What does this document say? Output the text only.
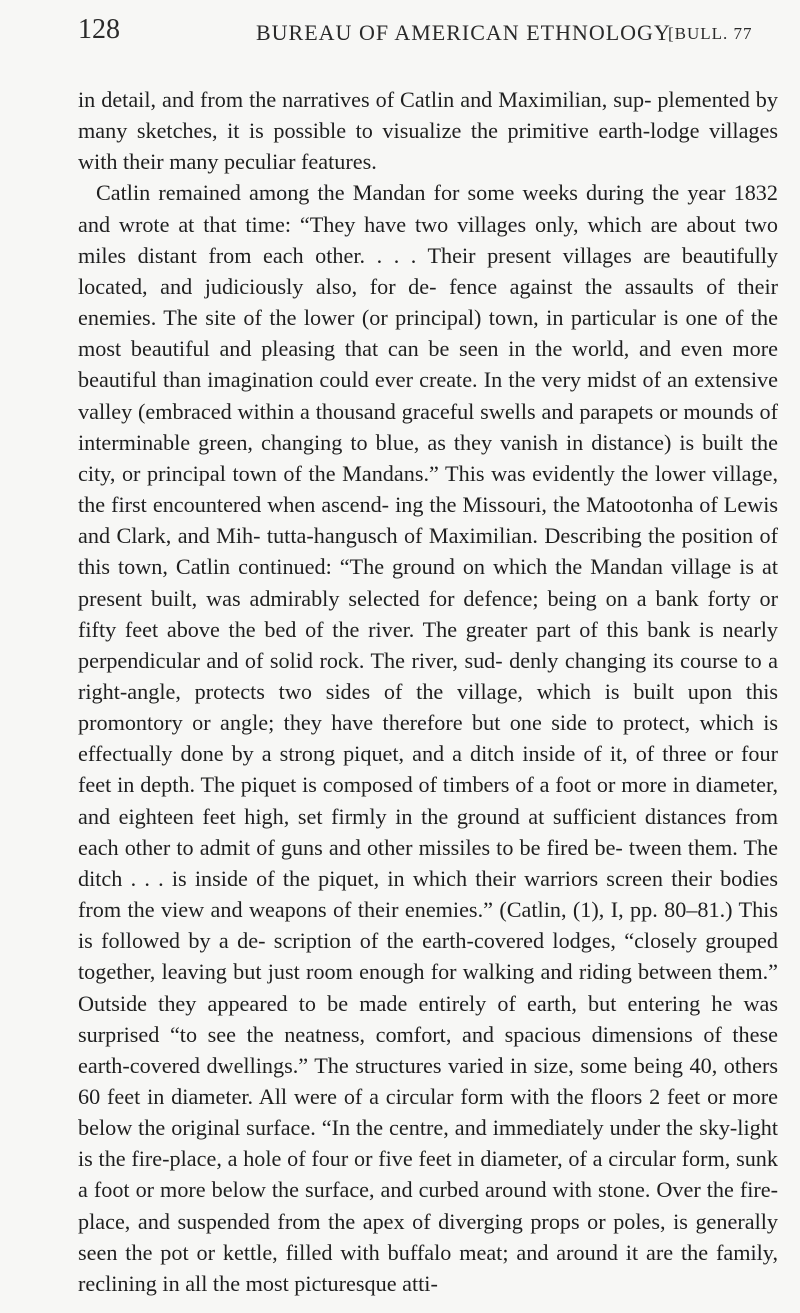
128	BUREAU OF AMERICAN ETHNOLOGY
[BULL. 77

in detail, and from the narratives of Catlin and Maximilian, sup- plemented by many sketches, it is possible to visualize the primitive earth-lodge villages with their many peculiar features.

Catlin remained among the Mandan for some weeks during the year 1832 and wrote at that time: “They have two villages only, which are about two miles distant from each other. . . . Their present villages are beautifully located, and judiciously also, for de- fence against the assaults of their enemies. The site of the lower (or principal) town, in particular is one of the most beautiful and pleasing that can be seen in the world, and even more beautiful than imagination could ever create. In the very midst of an extensive valley (embraced within a thousand graceful swells and parapets or mounds of interminable green, changing to blue, as they vanish in distance) is built the city, or principal town of the Mandans.” This was evidently the lower village, the first encountered when ascend- ing the Missouri, the Matootonha of Lewis and Clark, and Mih- tutta-hangusch of Maximilian. Describing the position of this town, Catlin continued: “The ground on which the Mandan village is at present built, was admirably selected for defence; being on a bank forty or fifty feet above the bed of the river. The greater part of this bank is nearly perpendicular and of solid rock. The river, sud- denly changing its course to a right-angle, protects two sides of the village, which is built upon this promontory or angle; they have therefore but one side to protect, which is effectually done by a strong piquet, and a ditch inside of it, of three or four feet in depth. The piquet is composed of timbers of a foot or more in diameter, and eighteen feet high, set firmly in the ground at sufficient distances from each other to admit of guns and other missiles to be fired be- tween them. The ditch . . . is inside of the piquet, in which their warriors screen their bodies from the view and weapons of their enemies.” (Catlin, (1), I, pp. 80–81.) This is followed by a de- scription of the earth-covered lodges, “closely grouped together, leaving but just room enough for walking and riding between them.” Outside they appeared to be made entirely of earth, but entering he was surprised “to see the neatness, comfort, and spacious dimensions of these earth-covered dwellings.” The structures varied in size, some being 40, others 60 feet in diameter. All were of a circular form with the floors 2 feet or more below the original surface. “In the centre, and immediately under the sky-light is the fire-place, a hole of four or five feet in diameter, of a circular form, sunk a foot or more below the surface, and curbed around with stone. Over the fire-place, and suspended from the apex of diverging props or poles, is generally seen the pot or kettle, filled with buffalo meat; and around it are the family, reclining in all the most picturesque atti-
